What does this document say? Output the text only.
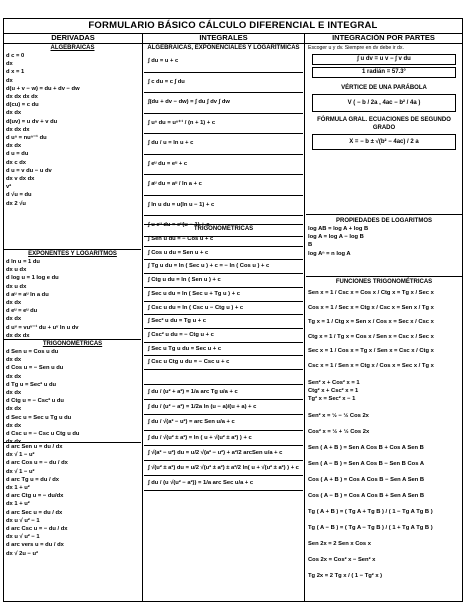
FORMULARIO BÁSICO CÁLCULO DIFERENCIAL E INTEGRAL
DERIVADAS	INTEGRALES	INTEGRACIÓN POR PARTES
ALGEBRAICAS
d c = 0
dx
d x = 1
dx
d(u + v − w) = du + dv − dw
dx dx dx dx
d(cu) = c du
dx dx
d(uv) = u dv + v du
dx dx dx
d uⁿ = nuⁿ⁻¹ du
dx dx
d u = du
dx c dx
d u = v du − u dv
dx v dx dx
v²
d √u = du
dx 2 √u
EXPONENTES Y LOGARITMOS
d ln u = 1 du
dx u dx
d log u = 1 log e du
dx u dx
d aᵘ = aᵘ ln a du
dx dx
d eᵘ = eᵘ du
dx dx
d uᵛ = vuᵛ⁻¹ du + uᵛ ln u dv
dx dx dx
TRIGONOMÉTRICAS
d Sen u = Cos u du
dx dx
d Cos u = − Sen u du
dx dx
d Tg u = Sec² u du
dx dx
d Ctg u = − Csc² u du
dx dx
d Sec u = Sec u Tg u du
dx dx
d Csc u = − Csc u Ctg u du
dx dx
d arc Sen u = du / dx
dx √ 1 − u²
d arc Cos u = − du / dx
dx √ 1 − u²
d arc Tg u = du / dx
dx 1 + u²
d arc Ctg u = − du/dx
dx 1 + u²
d arc Sec u = du / dx
dx u √ u² − 1
d arc Csc u = − du / dx
dx u √ u² − 1
d arc vers u = du / dx
dx √ 2u − u²
ALGEBRAICAS, EXPONENCIALES Y LOGARÍTMICAS
∫ du = u + c
∫ c du = c ∫ du
∫(du + dv − dw) = ∫ du ∫ dv ∫ dw
∫ uⁿ du = uⁿ⁺¹ / (n + 1) + c
∫ du / u = ln u + c
∫ eᵘ du = eᵘ + c
∫ aᵘ du = aᵘ / ln a + c
∫ ln u du = u(ln u − 1) + c
∫ u eᵘ du = eᵘ(u − 1) + c
TRIGONOMÉTRICAS
∫ Sen u du = − Cos u + c
∫ Cos u du = Sen u + c
∫ Tg u du = ln ( Sec u ) + c = − ln ( Cos u ) + c
∫ Ctg u du = ln ( Sen u ) + c
∫ Sec u du = ln ( Sec u + Tg u ) + c
∫ Csc u du = ln ( Csc u − Ctg u ) + c
∫ Sec² u du = Tg u + c
∫ Csc² u du = − Ctg u + c
∫ Sec u Tg u du = Sec u + c
∫ Csc u Ctg u du = − Csc u + c
∫ du / (u² + a²) = 1/a arc Tg u/a + c
∫ du / (u² − a²) = 1/2a ln (u − a)/(u + a) + c
∫ du / √(a² − u²) = arc Sen u/a + c
∫ du / √(u² ± a²) = ln ( u + √(u² ± a²) ) + c
∫ √(a² − u²) du = u/2 √(a² − u²) + a²/2 arcSen u/a + c
∫ √(u² ± a²) du = u/2 √(u² ± a²) ± a²/2 ln( u + √(u² ± a²) ) + c
∫ du / (u √(u² − a²)) = 1/a arc Sec u/a + c
Escoger u y dv. Siempre en dv debe ir dx.
∫ u dv = u v − ∫ v du
1 radián = 57.3°
VÉRTICE DE UNA PARÁBOLA
V ( − b / 2a , 4ac − b² / 4a )
FÓRMULA GRAL. ECUACIONES DE SEGUNDO GRADO
X = − b ± √(b² − 4ac) / 2 a
PROPIEDADES DE LOGARITMOS
log AB = log A + log B
log A = log A − log B
B
log Aⁿ = n log A
FUNCIONES TRIGONOMÉTRICAS
Sen x = 1 / Csc x = Cos x / Ctg x = Tg x / Sec x
Cos x = 1 / Sec x = Ctg x / Csc x = Sen x / Tg x
Tg x = 1 / Ctg x = Sen x / Cos x = Sec x / Csc x
Ctg x = 1 / Tg x = Cos x / Sen x = Csc x / Sec x
Sec x = 1 / Cos x = Tg x / Sen x = Csc x / Ctg x
Csc x = 1 / Sen x = Ctg x / Cos x = Sec x / Tg x
Sen² x + Cos² x = 1
Ctg² x + Csc² x = 1
Tg² x = Sec² x − 1
Sen² x = ½ − ½ Cos 2x
Cos² x = ½ + ½ Cos 2x
Sen ( A + B ) = Sen A Cos B + Cos A Sen B
Sen ( A − B ) = Sen A Cos B − Sen B Cos A
Cos ( A + B ) = Cos A Cos B − Sen A Sen B
Cos ( A − B ) = Cos A Cos B + Sen A Sen B
Tg ( A + B ) = ( Tg A + Tg B ) / ( 1 − Tg A Tg B )
Tg ( A − B ) = ( Tg A − Tg B ) / ( 1 + Tg A Tg B )
Sen 2x = 2 Sen x Cos x
Cos 2x = Cos² x − Sen² x
Tg 2x = 2 Tg x / ( 1 − Tg² x )
